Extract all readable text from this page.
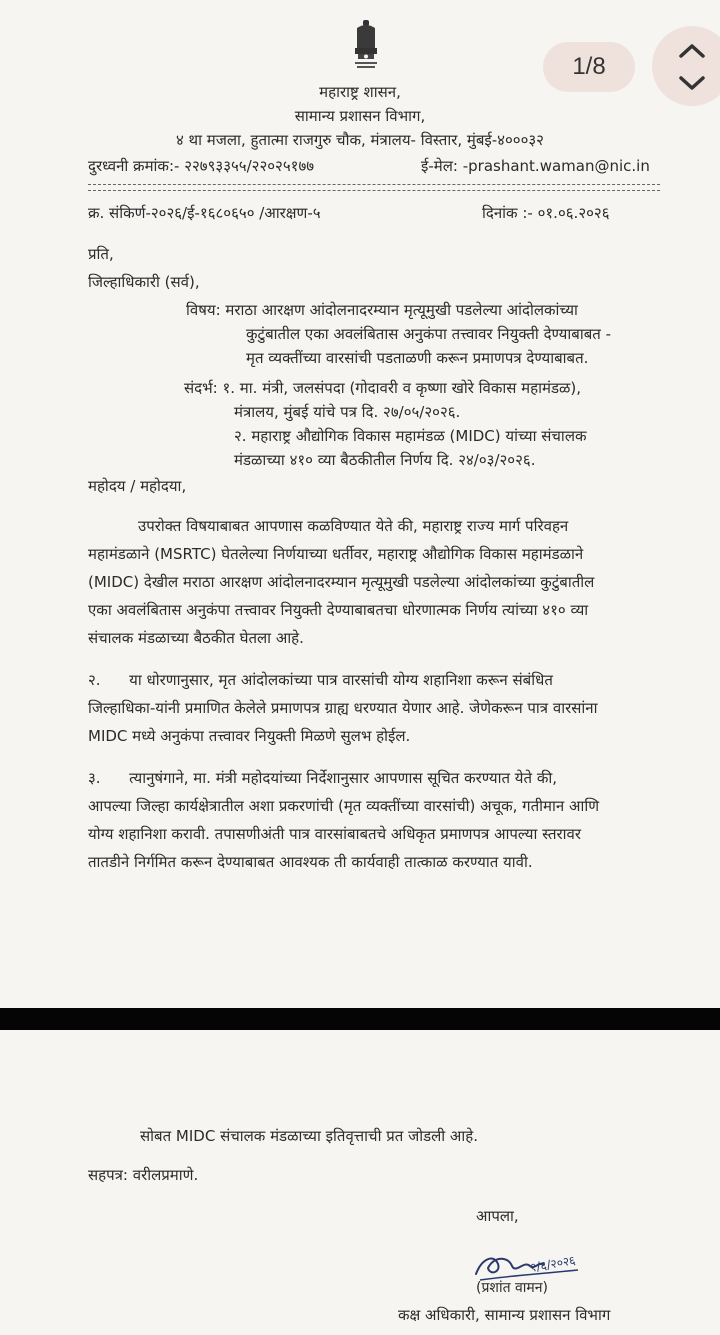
महाराष्ट्र शासन,
सामान्य प्रशासन विभाग,
४ था मजला, हुतात्मा राजगुरु चौक, मंत्रालय- विस्तार, मुंबई-४०००३२
दुरध्वनी क्रमांक:- २२७९३३५५/२२०२५१७७	ई-मेल: -prashant.waman@nic.in
क्र. संकिर्ण-२०२६/ई-१६८०६५० /आरक्षण-५	दिनांक :- ०१.०६.२०२६
प्रति,
जिल्हाधिकारी (सर्व),
विषय: मराठा आरक्षण आंदोलनादरम्यान मृत्यूमुखी पडलेल्या आंदोलकांच्या
कुटुंबातील एका अवलंबितास अनुकंपा तत्त्वावर नियुक्ती देण्याबाबत -
मृत व्यक्तींच्या वारसांची पडताळणी करून प्रमाणपत्र देण्याबाबत.
संदर्भ: १. मा. मंत्री, जलसंपदा (गोदावरी व कृष्णा खोरे विकास महामंडळ),
मंत्रालय, मुंबई यांचे पत्र दि. २७/०५/२०२६.
२. महाराष्ट्र औद्योगिक विकास महामंडळ (MIDC) यांच्या संचालक
मंडळाच्या ४१० व्या बैठकीतील निर्णय दि. २४/०३/२०२६.
महोदय / महोदया,
उपरोक्त विषयाबाबत आपणास कळविण्यात येते की, महाराष्ट्र राज्य मार्ग परिवहन
महामंडळाने (MSRTC) घेतलेल्या निर्णयाच्या धर्तीवर, महाराष्ट्र औद्योगिक विकास महामंडळाने
(MIDC) देखील मराठा आरक्षण आंदोलनादरम्यान मृत्यूमुखी पडलेल्या आंदोलकांच्या कुटुंबातील
एका अवलंबितास अनुकंपा तत्त्वावर नियुक्ती देण्याबाबतचा धोरणात्मक निर्णय त्यांच्या ४१० व्या
संचालक मंडळाच्या बैठकीत घेतला आहे.
२.      या धोरणानुसार, मृत आंदोलकांच्या पात्र वारसांची योग्य शहानिशा करून संबंधित
जिल्हाधिका-यांनी प्रमाणित केलेले प्रमाणपत्र ग्राह्य धरण्यात येणार आहे. जेणेकरून पात्र वारसांना
MIDC मध्ये अनुकंपा तत्त्वावर नियुक्ती मिळणे सुलभ होईल.
३.      त्यानुषंगाने, मा. मंत्री महोदयांच्या निर्देशानुसार आपणास सूचित करण्यात येते की,
आपल्या जिल्हा कार्यक्षेत्रातील अशा प्रकरणांची (मृत व्यक्तींच्या वारसांची) अचूक, गतीमान आणि
योग्य शहानिशा करावी. तपासणीअंती पात्र वारसांबाबतचे अधिकृत प्रमाणपत्र आपल्या स्तरावर
तातडीने निर्गमित करून देण्याबाबत आवश्यक ती कार्यवाही तात्काळ करण्यात यावी.
1/8
सोबत MIDC संचालक मंडळाच्या इतिवृत्ताची प्रत जोडली आहे.
सहपत्र: वरीलप्रमाणे.
आपला,
१/६/२०२६
(प्रशांत वामन)
कक्ष अधिकारी, सामान्य प्रशासन विभाग
